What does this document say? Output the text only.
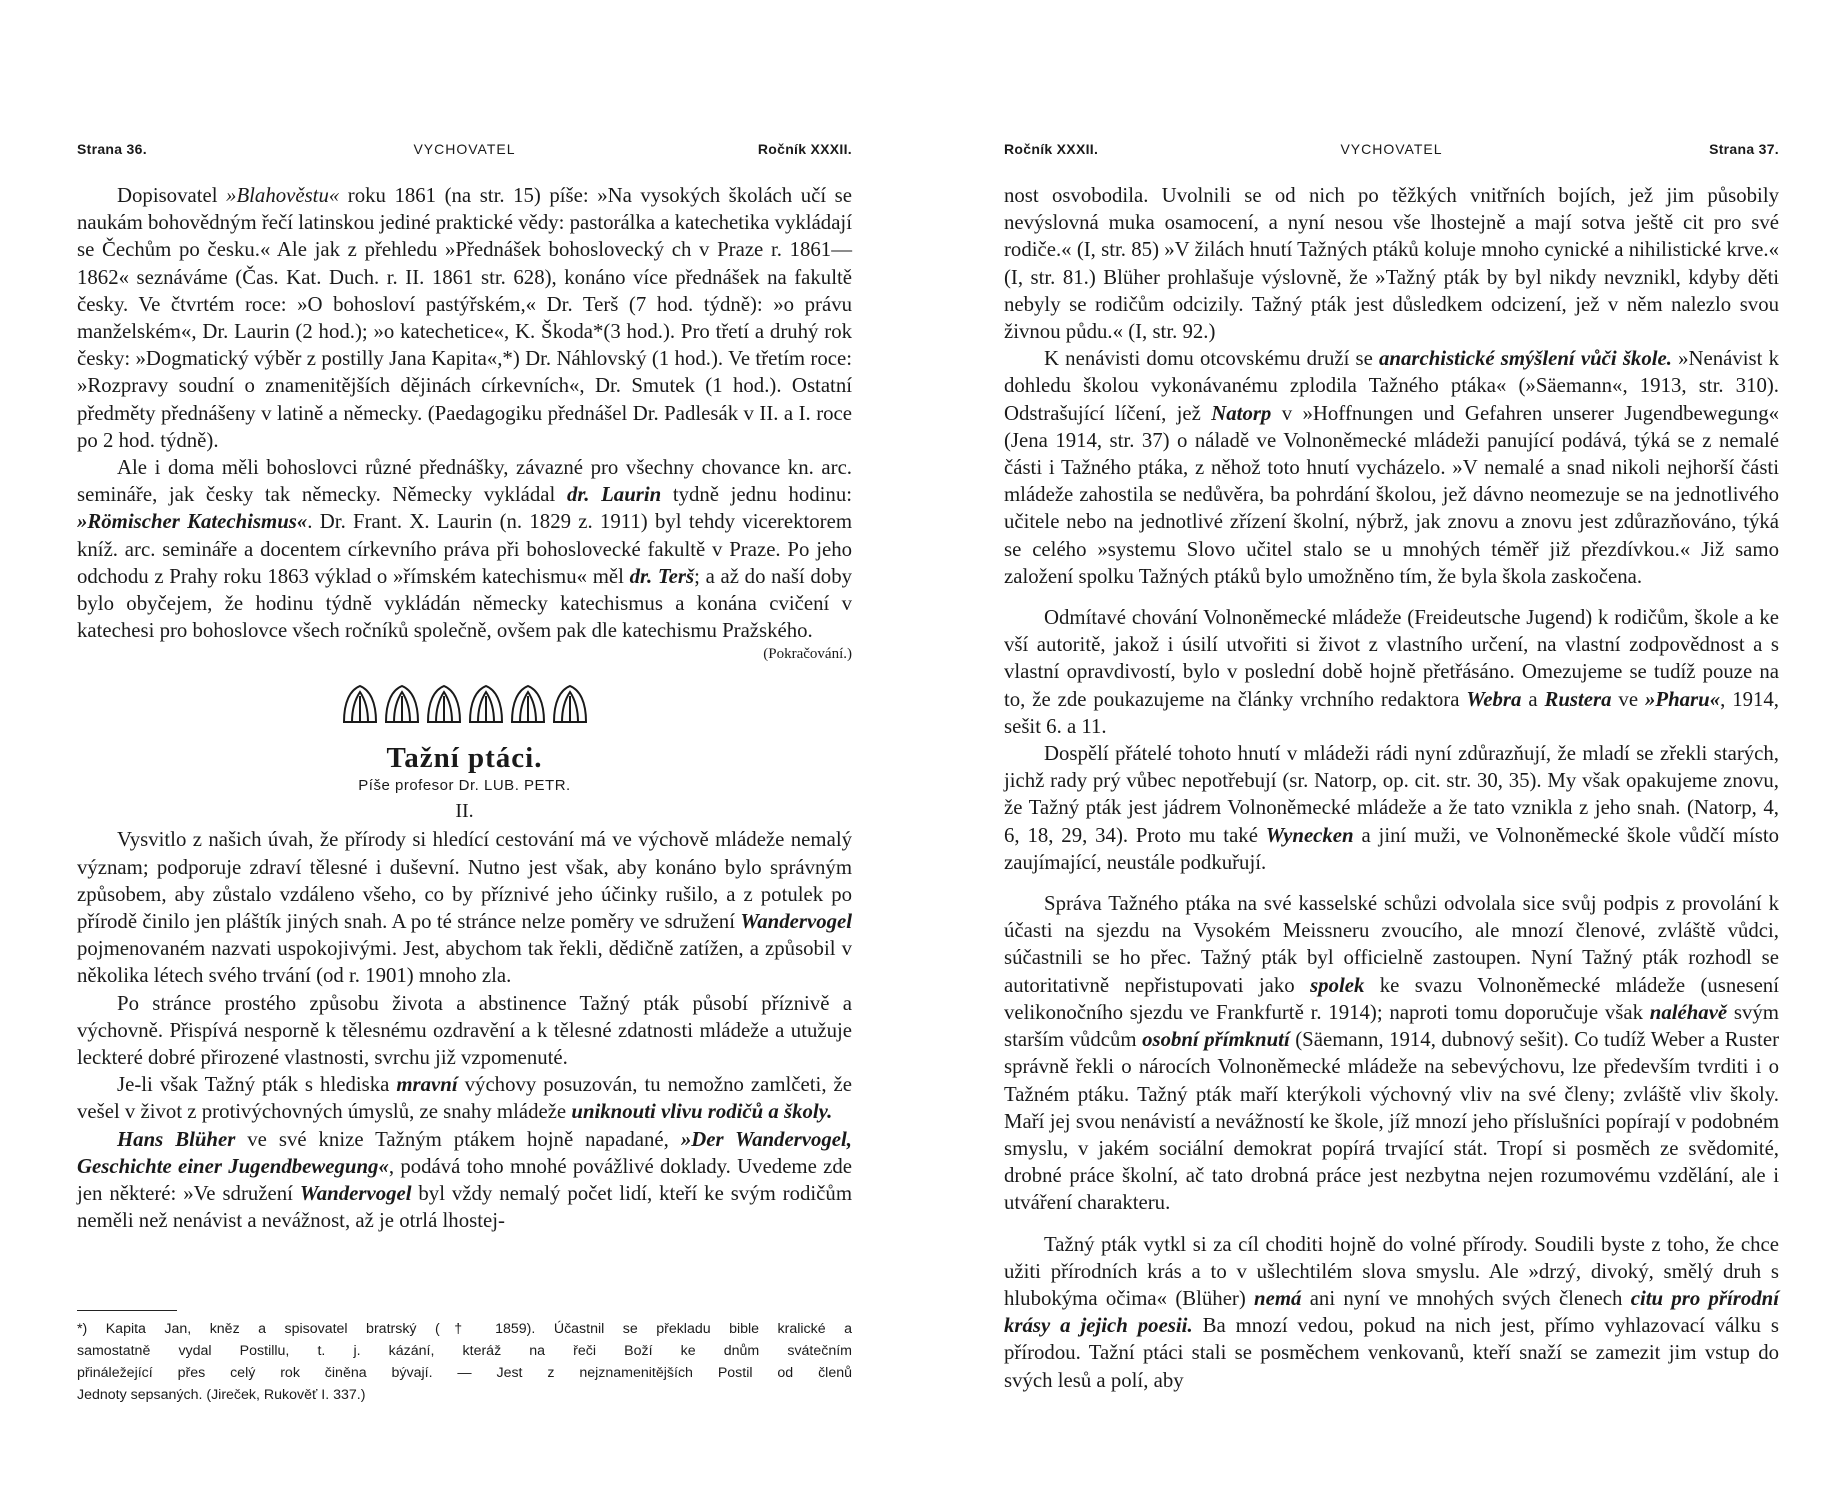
Strana 36.	VYCHOVATEL	Ročník XXXII.

Dopisovatel »Blahověstu« roku 1861 (na str. 15) píše: »Na vysokých školách učí se naukám bohovědným řečí latinskou jediné praktické vědy: pastorálka a katechetika vykládají se Čechům po česku.« Ale jak z přehledu »Přednášek bohoslovecký ch v Praze r. 1861—1862« seznáváme (Čas. Kat. Duch. r. II. 1861 str. 628), konáno více přednášek na fakultě česky. Ve čtvrtém roce: »O bohosloví pastýřském,« Dr. Terš (7 hod. týdně): »o právu manželském«, Dr. Laurin (2 hod.); »o katechetice«, K. Škoda*(3 hod.). Pro třetí a druhý rok česky: »Dogmatický výběr z postilly Jana Kapita«,*) Dr. Náhlovský (1 hod.). Ve třetím roce: »Rozpravy soudní o znamenitějších dějinách církevních«, Dr. Smutek (1 hod.). Ostatní předměty přednášeny v latině a německy. (Paedagogiku přednášel Dr. Padlesák v II. a I. roce po 2 hod. týdně).

Ale i doma měli bohoslovci různé přednášky, závazné pro všechny chovance kn. arc. semináře, jak česky tak německy. Německy vykládal dr. Laurin tydně jednu hodinu: »Römischer Katechismus«. Dr. Frant. X. Laurin (n. 1829 z. 1911) byl tehdy vicerektorem kníž. arc. semináře a docentem církevního práva při bohoslovecké fakultě v Praze. Po jeho odchodu z Prahy roku 1863 výklad o »římském katechismu« měl dr. Terš; a až do naší doby bylo obyčejem, že hodinu týdně vykládán německy katechismus a konána cvičení v katechesi pro bohoslovce všech ročníků společně, ovšem pak dle katechismu Pražského.

(Pokračování.)
Tažní ptáci.
Píše profesor Dr. LUB. PETR.
II.

Vysvitlo z našich úvah, že přírody si hledící cestování má ve výchově mládeže nemalý význam; podporuje zdraví tělesné i duševní. Nutno jest však, aby konáno bylo správným způsobem, aby zůstalo vzdáleno všeho, co by příznivé jeho účinky rušilo, a z potulek po přírodě činilo jen pláštík jiných snah. A po té stránce nelze poměry ve sdružení Wandervogel pojmenovaném nazvati uspokojivými. Jest, abychom tak řekli, dědičně zatížen, a způsobil v několika létech svého trvání (od r. 1901) mnoho zla.

Po stránce prostého způsobu života a abstinence Tažný pták působí příznivě a výchovně. Přispívá nesporně k tělesnému ozdravění a k tělesné zdatnosti mládeže a utužuje leckteré dobré přirozené vlastnosti, svrchu již vzpomenuté.

Je-li však Tažný pták s hlediska mravní výchovy posuzován, tu nemožno zamlčeti, že vešel v život z protivýchovných úmyslů, ze snahy mládeže uniknouti vlivu rodičů a školy.

Hans Blüher ve své knize Tažným ptákem hojně napadané, »Der Wandervogel, Geschichte einer Jugendbewegung«, podává toho mnohé povážlivé doklady. Uvedeme zde jen některé: »Ve sdružení Wandervogel byl vždy nemalý počet lidí, kteří ke svým rodičům neměli než nenávist a nevážnost, až je otrlá lhostej-

*) Kapita Jan, kněz a spisovatel bratrský († 1859). Účastnil se překladu bible kralické a
samostatně vydal Postillu, t. j. kázání, kteráž na řeči Boží ke dnům svátečním
přináležející přes celý rok činěna bývají. — Jest z nejznamenitějších Postil od členů
Jednoty sepsaných. (Jireček, Rukověť I. 337.)
Ročník XXXII.	VYCHOVATEL	Strana 37.

nost osvobodila. Uvolnili se od nich po těžkých vnitřních bojích, jež jim působily nevýslovná muka osamocení, a nyní nesou vše lhostejně a mají sotva ještě cit pro své rodiče.« (I, str. 85) »V žilách hnutí Tažných ptáků koluje mnoho cynické a nihilistické krve.« (I, str. 81.) Blüher prohlašuje výslovně, že »Tažný pták by byl nikdy nevznikl, kdyby děti nebyly se rodičům odcizily. Tažný pták jest důsledkem odcizení, jež v něm nalezlo svou živnou půdu.« (I, str. 92.)

K nenávisti domu otcovskému druží se anarchistické smýšlení vůči škole. »Nenávist k dohledu školou vykonávanému zplodila Tažného ptáka« (»Säemann«, 1913, str. 310). Odstrašující líčení, jež Natorp v »Hoffnungen und Gefahren unserer Jugendbewegung« (Jena 1914, str. 37) o náladě ve Volnoněmecké mládeži panující podává, týká se z nemalé části i Tažného ptáka, z něhož toto hnutí vycházelo. »V nemalé a snad nikoli nejhorší části mládeže zahostila se nedůvěra, ba pohrdání školou, jež dávno neomezuje se na jednotlivého učitele nebo na jednotlivé zřízení školní, nýbrž, jak znovu a znovu jest zdůrazňováno, týká se celého »systemu Slovo učitel stalo se u mnohých téměř již přezdívkou.« Již samo založení spolku Tažných ptáků bylo umožněno tím, že byla škola zaskočena.

Odmítavé chování Volnoněmecké mládeže (Freideutsche Jugend) k rodičům, škole a ke vší autoritě, jakož i úsilí utvořiti si život z vlastního určení, na vlastní zodpovědnost a s vlastní opravdivostí, bylo v poslední době hojně přetřásáno. Omezujeme se tudíž pouze na to, že zde poukazujeme na články vrchního redaktora Webra a Rustera ve »Pharu«, 1914, sešit 6. a 11.

Dospělí přátelé tohoto hnutí v mládeži rádi nyní zdůrazňují, že mladí se zřekli starých, jichž rady prý vůbec nepotřebují (sr. Natorp, op. cit. str. 30, 35). My však opakujeme znovu, že Tažný pták jest jádrem Volnoněmecké mládeže a že tato vznikla z jeho snah. (Natorp, 4, 6, 18, 29, 34). Proto mu také Wynecken a jiní muži, ve Volnoněmecké škole vůdčí místo zaujímající, neustále podkuřují.

Správa Tažného ptáka na své kasselské schůzi odvolala sice svůj podpis z provolání k účasti na sjezdu na Vysokém Meissneru zvoucího, ale mnozí členové, zvláště vůdci, súčastnili se ho přec. Tažný pták byl officielně zastoupen. Nyní Tažný pták rozhodl se autoritativně nepřistupovati jako spolek ke svazu Volnoněmecké mládeže (usnesení velikonočního sjezdu ve Frankfurtě r. 1914); naproti tomu doporučuje však naléhavě svým starším vůdcům osobní přímknutí (Säemann, 1914, dubnový sešit). Co tudíž Weber a Ruster správně řekli o nárocích Volnoněmecké mládeže na sebevýchovu, lze především tvrditi i o Tažném ptáku. Tažný pták maří kterýkoli výchovný vliv na své členy; zvláště vliv školy. Maří jej svou nenávistí a nevážností ke škole, jíž mnozí jeho příslušníci popírají v podobném smyslu, v jakém sociální demokrat popírá trvající stát. Tropí si posměch ze svědomité, drobné práce školní, ač tato drobná práce jest nezbytna nejen rozumovému vzdělání, ale i utváření charakteru.

Tažný pták vytkl si za cíl choditi hojně do volné přírody. Soudili byste z toho, že chce užiti přírodních krás a to v ušlechtilém slova smyslu. Ale »drzý, divoký, smělý druh s hlubokýma očima« (Blüher) nemá ani nyní ve mnohých svých členech citu pro přírodní krásy a jejich poesii. Ba mnozí vedou, pokud na nich jest, přímo vyhlazovací válku s přírodou. Tažní ptáci stali se posměchem venkovanů, kteří snaží se zamezit jim vstup do svých lesů a polí, aby
